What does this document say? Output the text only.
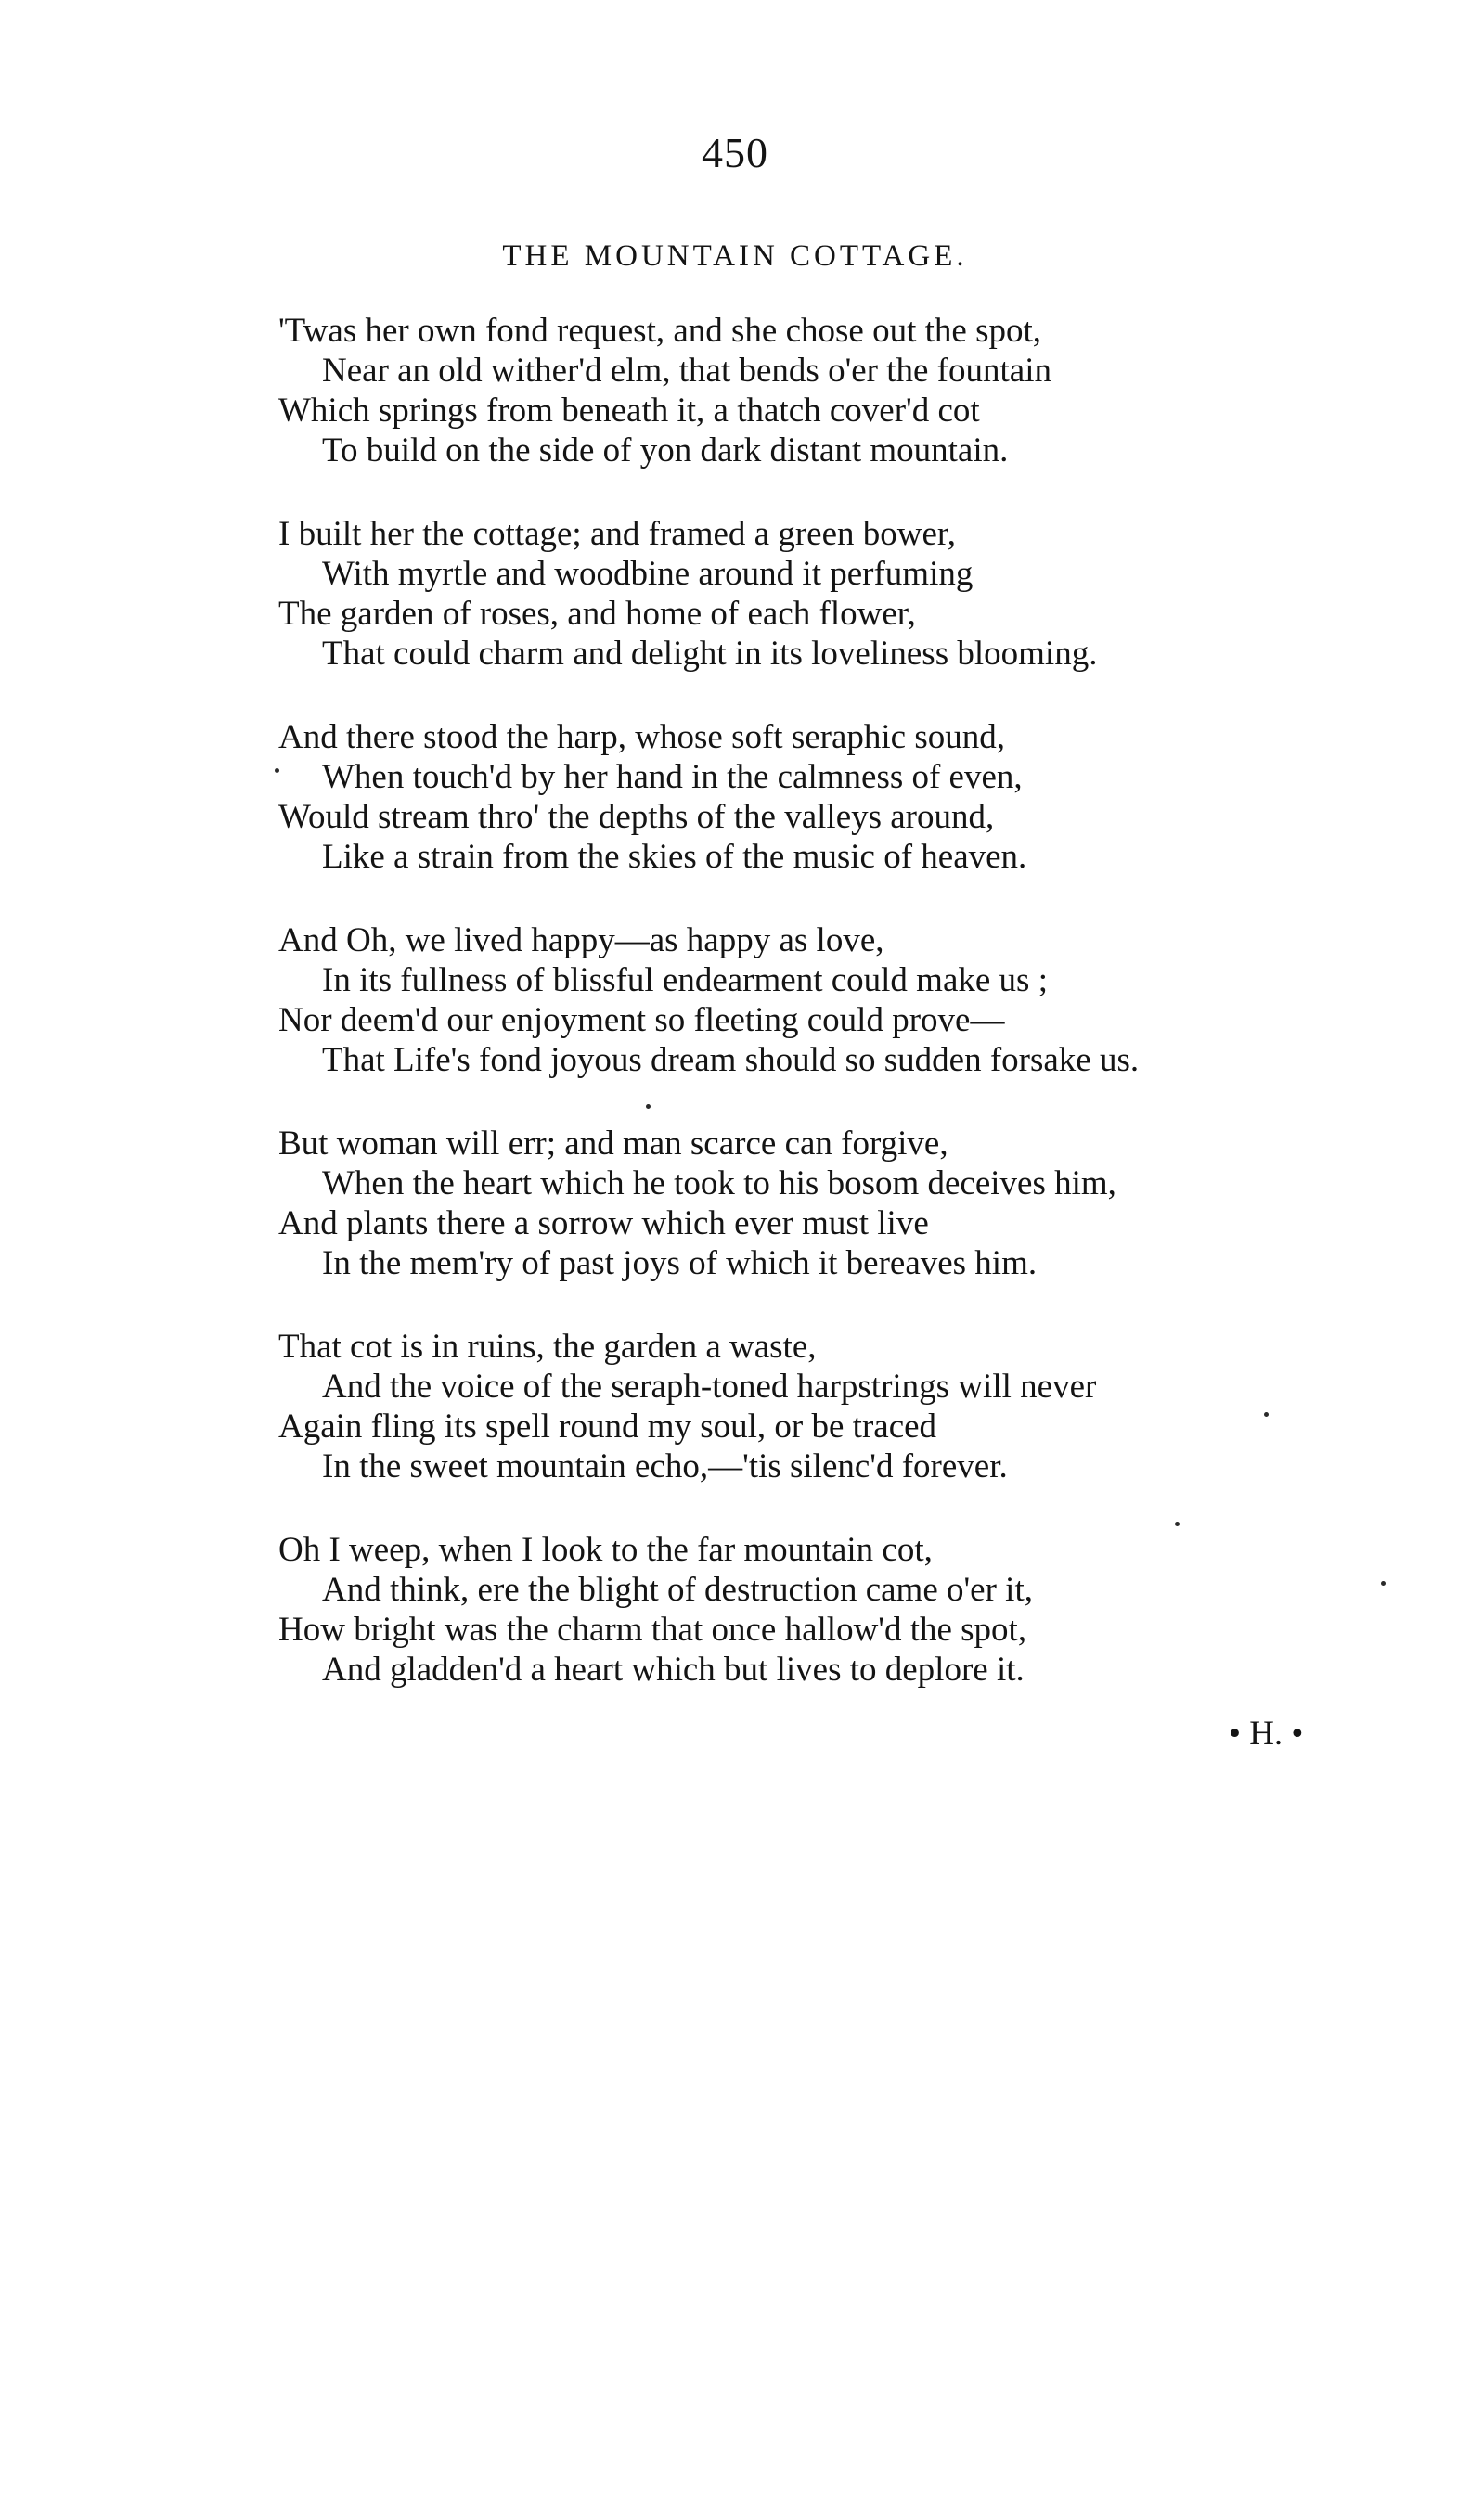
450
THE MOUNTAIN COTTAGE.
'Twas her own fond request, and she chose out the spot,
Near an old wither'd elm, that bends o'er the fountain
Which springs from beneath it, a thatch cover'd cot
To build on the side of yon dark distant mountain.
I built her the cottage; and framed a green bower,
With myrtle and woodbine around it perfuming
The garden of roses, and home of each flower,
That could charm and delight in its loveliness blooming.
And there stood the harp, whose soft seraphic sound,
When touch'd by her hand in the calmness of even,
Would stream thro' the depths of the valleys around,
Like a strain from the skies of the music of heaven.
And Oh, we lived happy—as happy as love,
In its fullness of blissful endearment could make us ;
Nor deem'd our enjoyment so fleeting could prove—
That Life's fond joyous dream should so sudden forsake us.
But woman will err; and man scarce can forgive,
When the heart which he took to his bosom deceives him,
And plants there a sorrow which ever must live
In the mem'ry of past joys of which it bereaves him.
That cot is in ruins, the garden a waste,
And the voice of the seraph-toned harpstrings will never
Again fling its spell round my soul, or be traced
In the sweet mountain echo,—'tis silenc'd forever.
Oh I weep, when I look to the far mountain cot,
And think, ere the blight of destruction came o'er it,
How bright was the charm that once hallow'd the spot,
And gladden'd a heart which but lives to deplore it.
• H. •
